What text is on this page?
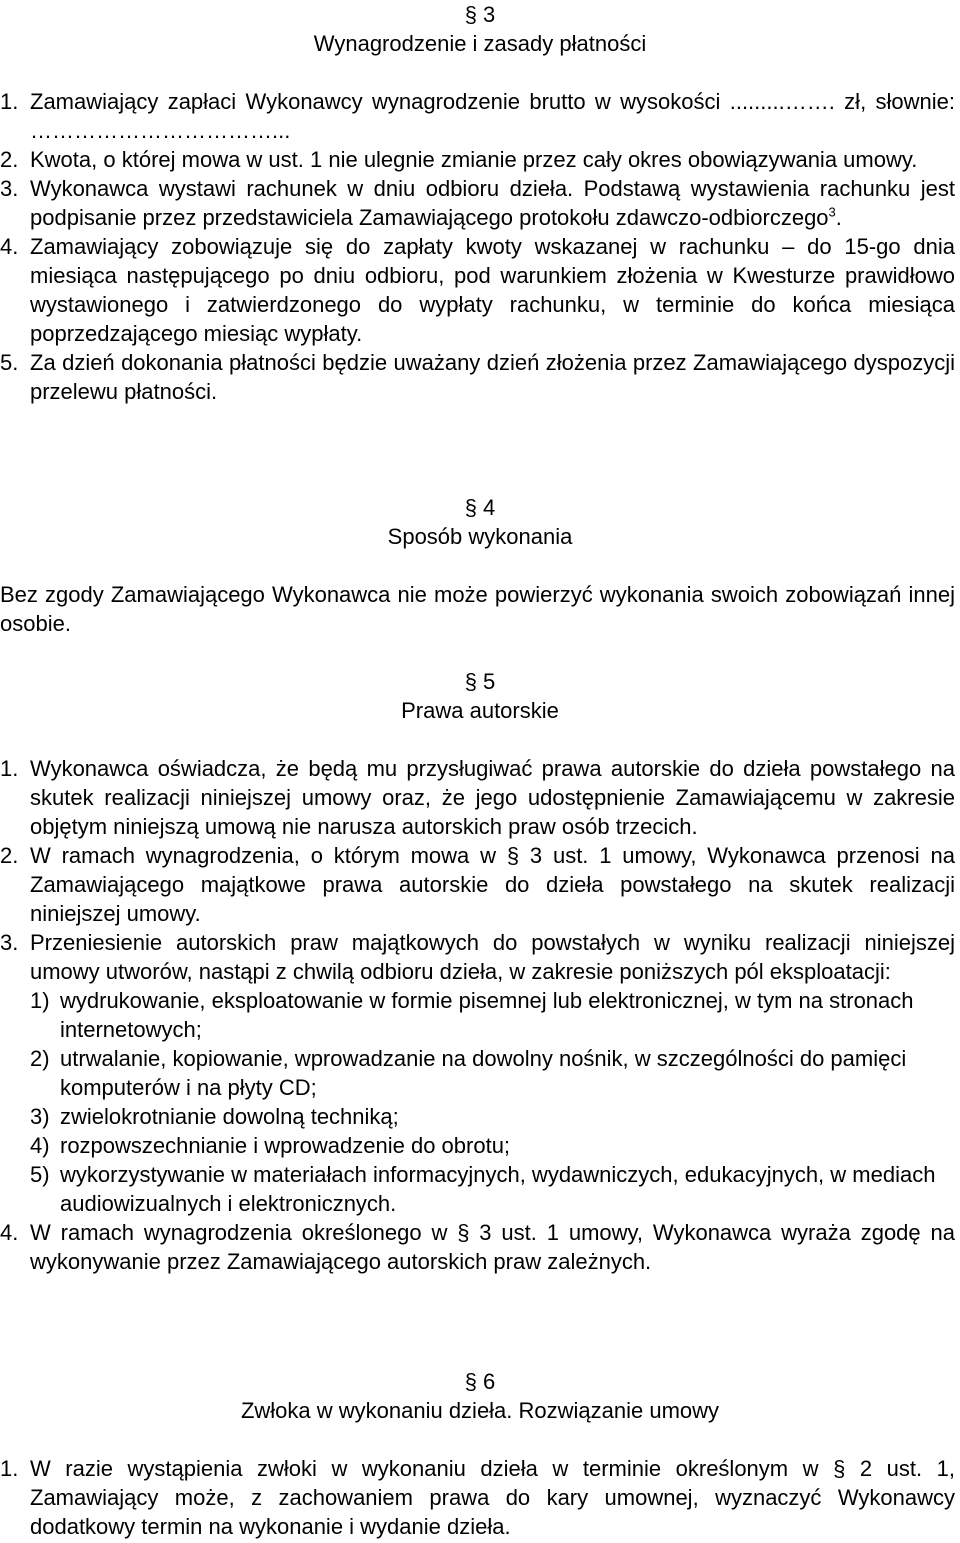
§ 3
Wynagrodzenie i zasady płatności

1. Zamawiający zapłaci Wykonawcy wynagrodzenie brutto w wysokości .........……. zł, słownie: ……………………………...

2. Kwota, o której mowa w ust. 1 nie ulegnie zmianie przez cały okres obowiązywania umowy.

3. Wykonawca wystawi rachunek w dniu odbioru dzieła. Podstawą wystawienia rachunku jest podpisanie przez przedstawiciela Zamawiającego protokołu zdawczo-odbiorczego$^3$.

4. Zamawiający zobowiązuje się do zapłaty kwoty wskazanej w rachunku – do 15-go dnia miesiąca następującego po dniu odbioru, pod warunkiem złożenia w Kwesturze prawidłowo wystawionego i zatwierdzonego do wypłaty rachunku, w terminie do końca miesiąca poprzedzającego miesiąc wypłaty.

5. Za dzień dokonania płatności będzie uważany dzień złożenia przez Zamawiającego dyspozycji przelewu płatności.

§ 4
Sposób wykonania

Bez zgody Zamawiającego Wykonawca nie może powierzyć wykonania swoich zobowiązań innej osobie.

§ 5
Prawa autorskie

1. Wykonawca oświadcza, że będą mu przysługiwać prawa autorskie do dzieła powstałego na skutek realizacji niniejszej umowy oraz, że jego udostępnienie Zamawiającemu w zakresie objętym niniejszą umową nie narusza autorskich praw osób trzecich.

2. W ramach wynagrodzenia, o którym mowa w § 3 ust. 1 umowy, Wykonawca przenosi na Zamawiającego majątkowe prawa autorskie do dzieła powstałego na skutek realizacji niniejszej umowy.

3. Przeniesienie autorskich praw majątkowych do powstałych w wyniku realizacji niniejszej umowy utworów, nastąpi z chwilą odbioru dzieła, w zakresie poniższych pól eksploatacji:

1) wydrukowanie, eksploatowanie w formie pisemnej lub elektronicznej, w tym na stronach internetowych;

2) utrwalanie, kopiowanie, wprowadzanie na dowolny nośnik, w szczególności do pamięci komputerów i na płyty CD;

3) zwielokrotnianie dowolną techniką;

4) rozpowszechnianie i wprowadzenie do obrotu;

5) wykorzystywanie w materiałach informacyjnych, wydawniczych, edukacyjnych, w mediach audiowizualnych i elektronicznych.

4. W ramach wynagrodzenia określonego w § 3 ust. 1 umowy, Wykonawca wyraża zgodę na wykonywanie przez Zamawiającego autorskich praw zależnych.

§ 6
Zwłoka w wykonaniu dzieła. Rozwiązanie umowy

1. W razie wystąpienia zwłoki w wykonaniu dzieła w terminie określonym w § 2 ust. 1, Zamawiający może, z zachowaniem prawa do kary umownej, wyznaczyć Wykonawcy dodatkowy termin na wykonanie i wydanie dzieła.
